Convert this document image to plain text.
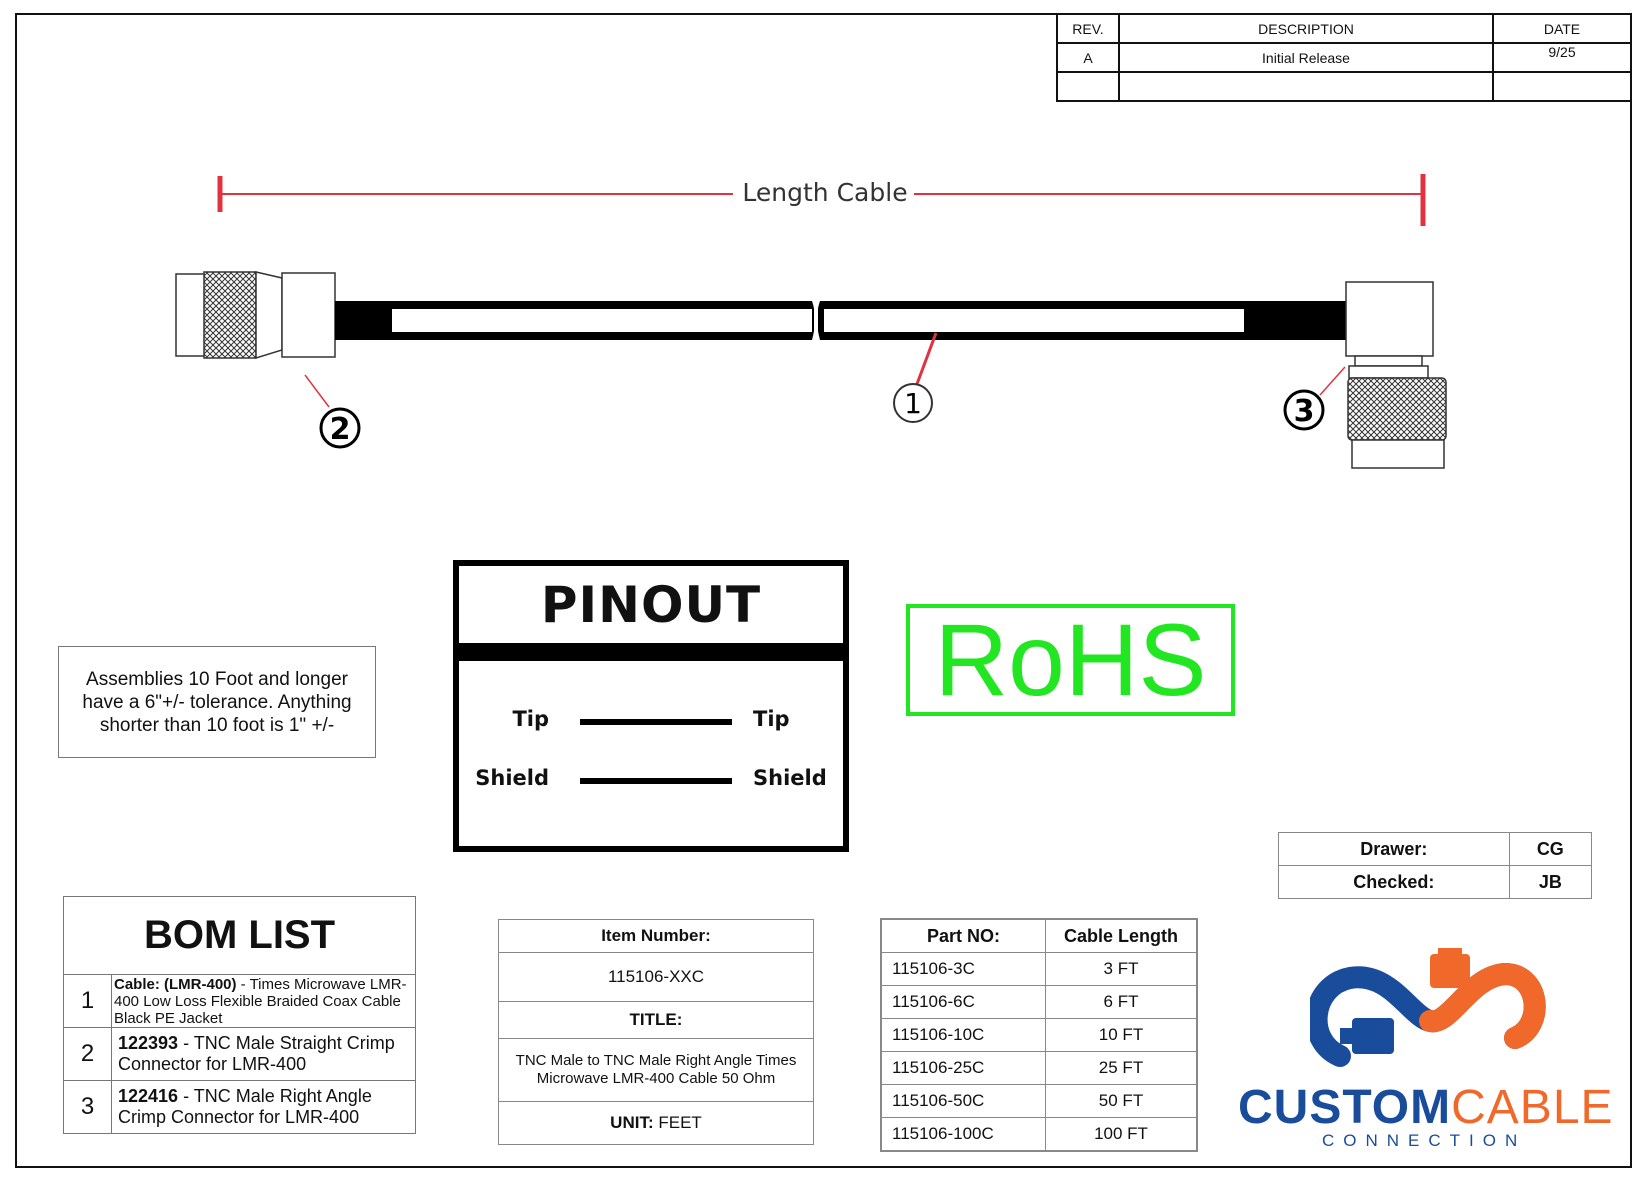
REV.	DESCRIPTION	DATE
A	Initial Release	9/25

Length Cable
1
2
3
Assemblies 10 Foot and longer have a 6"+/- tolerance. Anything shorter than 10 foot is 1" +/-
PINOUT
Tip	Tip
Shield	Shield
RoHS
Drawer:	CG
Checked:	JB
BOM LIST	
1	Cable: (LMR-400) - Times Microwave LMR-400 Low Loss Flexible Braided Coax Cable Black PE Jacket
2	122393 - TNC Male Straight Crimp Connector for LMR-400
3	122416 - TNC Male Right Angle Crimp Connector for LMR-400
Item Number:
115106-XXC
TITLE:
TNC Male to TNC Male Right Angle Times Microwave LMR-400 Cable 50 Ohm
UNIT: FEET
Part NO:	Cable Length
115106-3C	3 FT
115106-6C	6 FT
115106-10C	10 FT
115106-25C	25 FT
115106-50C	50 FT
115106-100C	100 FT CUSTOMCABLE
CONNECTION
